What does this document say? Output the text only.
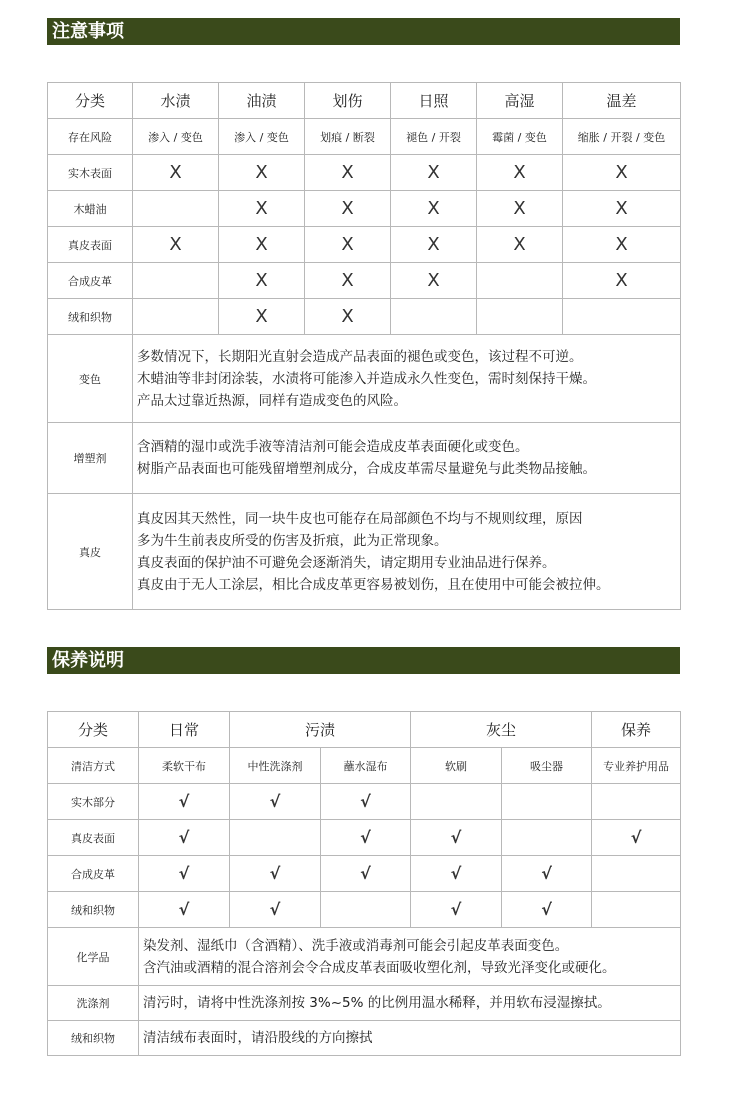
注意事项
分类	水渍	油渍	划伤	日照	高湿	温差
存在风险	渗入 / 变色	渗入 / 变色	划痕 / 断裂	褪色 / 开裂	霉菌 / 变色	缩胀 / 开裂 / 变色
实木表面	X	X	X	X	X	X
木蜡油		X	X	X	X	X
真皮表面	X	X	X	X	X	X
合成皮革		X	X	X		X
绒和织物		X	X			
变色	多数情况下，长期阳光直射会造成产品表面的褪色或变色，该过程不可逆。
木蜡油等非封闭涂装，水渍将可能渗入并造成永久性变色，需时刻保持干燥。
产品太过靠近热源，同样有造成变色的风险。					

增塑剂	含酒精的湿巾或洗手液等清洁剂可能会造成皮革表面硬化或变色。
树脂产品表面也可能残留增塑剂成分，合成皮革需尽量避免与此类物品接触。					

真皮	真皮因其天然性，同一块牛皮也可能存在局部颜色不均与不规则纹理，原因
多为牛生前表皮所受的伤害及折痕，此为正常现象。
真皮表面的保护油不可避免会逐渐消失，请定期用专业油品进行保养。
真皮由于无人工涂层，相比合成皮革更容易被划伤，且在使用中可能会被拉伸。					
保养说明
分类	日常	污渍		灰尘		保养
清洁方式	柔软干布	中性洗涤剂	蘸水湿布	软刷	吸尘器	专业养护用品
实木部分	√	√	√			
真皮表面	√		√	√		√
合成皮革	√	√	√	√	√	
绒和织物	√	√		√	√	
化学品	染发剂、湿纸巾（含酒精）、洗手液或消毒剂可能会引起皮革表面变色。
含汽油或酒精的混合溶剂会令合成皮革表面吸收塑化剂，导致光泽变化或硬化。					

洗涤剂	清污时，请将中性洗涤剂按 3%~5% 的比例用温水稀释，并用软布浸湿擦拭。					

绒和织物	清洁绒布表面时，请沿股线的方向擦拭					
